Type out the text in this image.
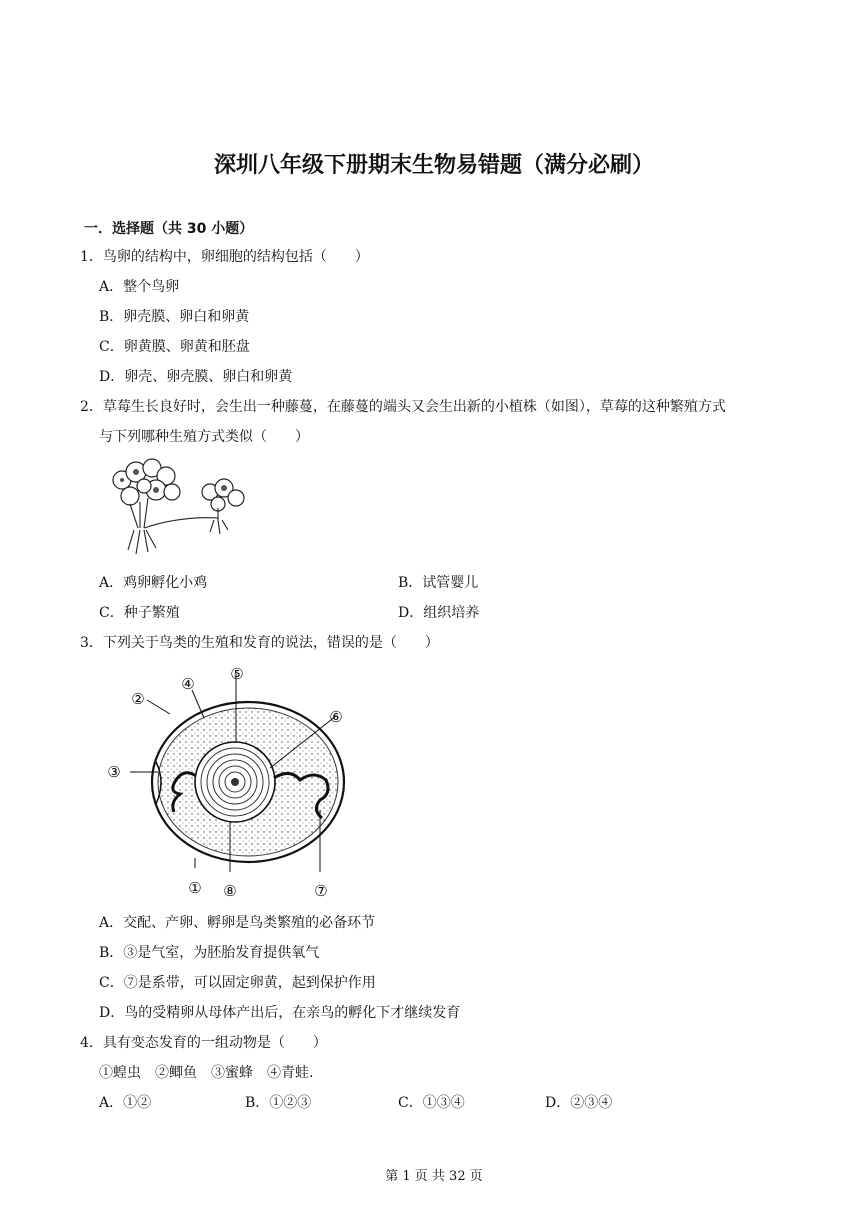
深圳八年级下册期末生物易错题（满分必刷）
一．选择题（共 30 小题）
1．鸟卵的结构中，卵细胞的结构包括（　　）
A．整个鸟卵
B．卵壳膜、卵白和卵黄
C．卵黄膜、卵黄和胚盘
D．卵壳、卵壳膜、卵白和卵黄
2．草莓生长良好时，会生出一种藤蔓，在藤蔓的端头又会生出新的小植株（如图），草莓的这种繁殖方式
与下列哪种生殖方式类似（　　）
A．鸡卵孵化小鸡	B．试管婴儿
C．种子繁殖	D．组织培养
3．下列关于鸟类的生殖和发育的说法，错误的是（　　）
①
②
③
④
⑤
⑥
⑦
⑧
A．交配、产卵、孵卵是鸟类繁殖的必备环节
B．③是气室，为胚胎发育提供氧气
C．⑦是系带，可以固定卵黄，起到保护作用
D．鸟的受精卵从母体产出后，在亲鸟的孵化下才继续发育
4．具有变态发育的一组动物是（　　）
①蝗虫　②鲫鱼　③蜜蜂　④青蛙.
A．①②	B．①②③	C．①③④	D．②③④
第 1 页 共 32 页
